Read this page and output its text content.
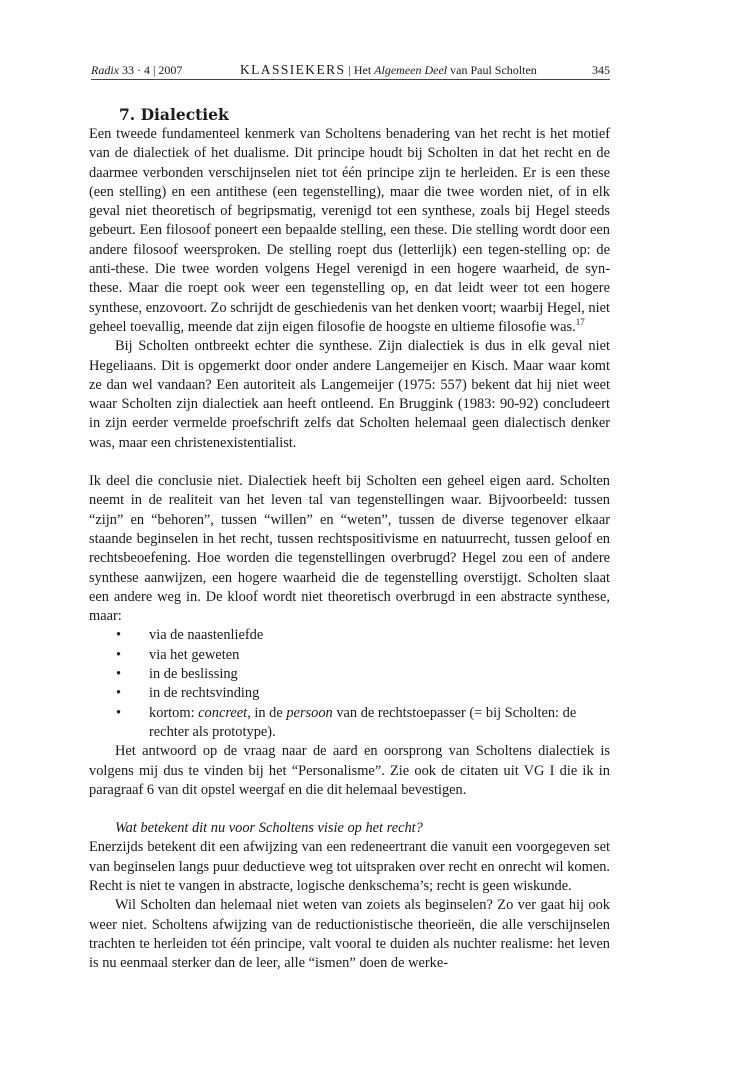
Radix 33 · 4 | 2007	KLASSIEKERS | Het Algemeen Deel van Paul Scholten	345
7. Dialectiek

Een tweede fundamenteel kenmerk van Scholtens benadering van het recht is het motief van de dialectiek of het dualisme. Dit principe houdt bij Scholten in dat het recht en de daarmee verbonden verschijnselen niet tot één principe zijn te herleiden. Er is een these (een stelling) en een antithese (een tegenstelling), maar die twee worden niet, of in elk geval niet theoretisch of begripsmatig, verenigd tot een synthese, zoals bij Hegel steeds gebeurt. Een filosoof poneert een bepaalde stelling, een these. Die stelling wordt door een andere filosoof weersproken. De stelling roept dus (letterlijk) een tegen-stelling op: de anti-these. Die twee worden volgens Hegel verenigd in een hogere waarheid, de syn-these. Maar die roept ook weer een tegenstelling op, en dat leidt weer tot een hogere synthese, enzovoort. Zo schrijdt de geschiedenis van het denken voort; waarbij Hegel, niet geheel toevallig, meende dat zijn eigen filosofie de hoogste en ultieme filosofie was.$^{17}$

Bij Scholten ontbreekt echter die synthese. Zijn dialectiek is dus in elk geval niet Hegeliaans. Dit is opgemerkt door onder andere Langemeijer en Kisch. Maar waar komt ze dan wel vandaan? Een autoriteit als Langemeijer (1975: 557) bekent dat hij niet weet waar Scholten zijn dialectiek aan heeft ontleend. En Bruggink (1983: 90-92) concludeert in zijn eerder vermelde proefschrift zelfs dat Scholten helemaal geen dialectisch denker was, maar een christenexistentialist.

Ik deel die conclusie niet. Dialectiek heeft bij Scholten een geheel eigen aard. Scholten neemt in de realiteit van het leven tal van tegenstellingen waar. Bijvoorbeeld: tussen “zijn” en “behoren”, tussen “willen” en “weten”, tussen de diverse tegenover elkaar staande beginselen in het recht, tussen rechtspositivisme en natuurrecht, tussen geloof en rechtsbeoefening. Hoe worden die tegenstellingen overbrugd? Hegel zou een of andere synthese aanwijzen, een hogere waarheid die de tegenstelling overstijgt. Scholten slaat een andere weg in. De kloof wordt niet theoretisch overbrugd in een abstracte synthese, maar:

• via de naastenliefde
• via het geweten
• in de beslissing
• in de rechtsvinding
• kortom: concreet, in de persoon van de rechtstoepasser (= bij Scholten: de rechter als prototype).

Het antwoord op de vraag naar de aard en oorsprong van Scholtens dialectiek is volgens mij dus te vinden bij het “Personalisme”. Zie ook de citaten uit VG I die ik in paragraaf 6 van dit opstel weergaf en die dit helemaal bevestigen.

Wat betekent dit nu voor Scholtens visie op het recht?

Enerzijds betekent dit een afwijzing van een redeneertrant die vanuit een voorgegeven set van beginselen langs puur deductieve weg tot uitspraken over recht en onrecht wil komen. Recht is niet te vangen in abstracte, logische denkschema’s; recht is geen wiskunde.

Wil Scholten dan helemaal niet weten van zoiets als beginselen? Zo ver gaat hij ook weer niet. Scholtens afwijzing van de reductionistische theorieën, die alle verschijnselen trachten te herleiden tot één principe, valt vooral te duiden als nuchter realisme: het leven is nu eenmaal sterker dan de leer, alle “ismen” doen de werke-
